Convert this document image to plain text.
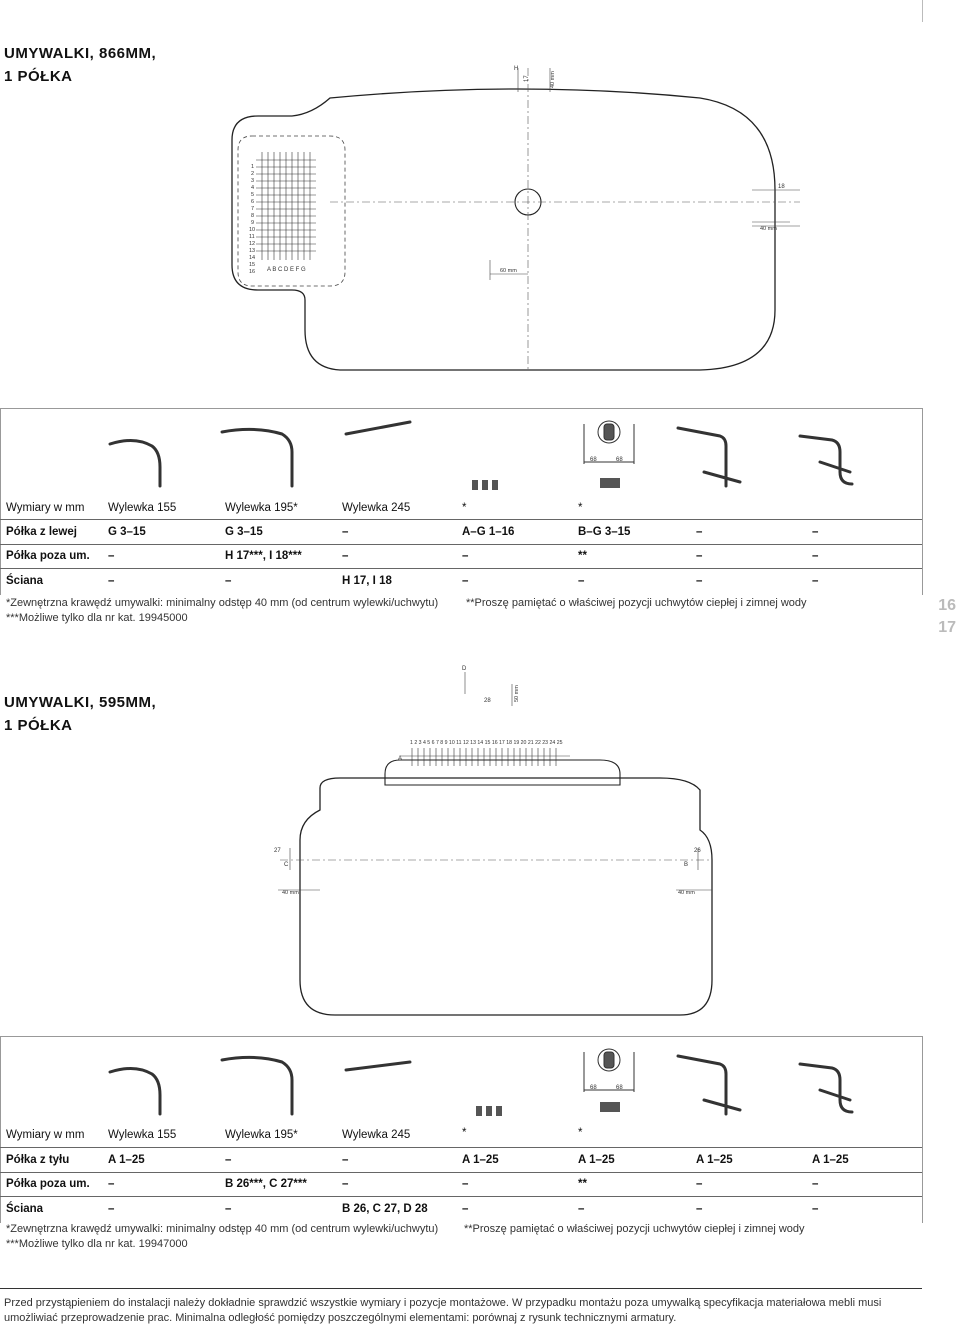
UMYWALKI, 866MM,
1 PÓŁKA
1
2
3
4
5
6
7
8
9
10
11
12
13
14
15
16 A B C D E F G
H
17	40 mm
18
40 mm
60 mm
68	68
Wymiary w mm Wylewka 155	Wylewka 195*	Wylewka 245	*	*
Półka z lewej	G 3–15	G 3–15	–	A–G 1–16	B–G 3–15	–	–
Półka poza um. –	H 17***, I 18***	–	–	**	–	–
Ściana	–	–	H 17, I 18	–	–	–	–
*Zewnętrzna krawędź umywalki: minimalny odstęp 40 mm (od centrum wylewki/uchwytu)	**Proszę pamiętać o właściwej pozycji uchwytów ciepłej i zimnej wody
***Możliwe tylko dla nr kat. 19945000
16
17
UMYWALKI, 595MM,
1 PÓŁKA
1 2 3 4 5 6 7 8 9 10 11 12 13 14 15 16 17 18 19 20 21 22 23 24 25
A
D
28	50 mm
27	26
C	B
40 mm	40 mm
68	68
Wymiary w mm Wylewka 155	Wylewka 195*	Wylewka 245	*	*
Półka z tyłu	A 1–25	–	–	A 1–25	A 1–25	A 1–25	A 1–25
Półka poza um. –	B 26***, C 27***	–	–	**	–	–
Ściana	–	–	B 26, C 27, D 28	–	–	–	–
*Zewnętrzna krawędź umywalki: minimalny odstęp 40 mm (od centrum wylewki/uchwytu) **Proszę pamiętać o właściwej pozycji uchwytów ciepłej i zimnej wody
***Możliwe tylko dla nr kat. 19947000
Przed przystąpieniem do instalacji należy dokładnie sprawdzić wszystkie wymiary i pozycje montażowe. W przypadku montażu poza umywalką specyfikacja materiałowa mebli musi
umożliwiać przeprowadzenie prac. Minimalna odległość pomiędzy poszczególnymi elementami: porównaj z rysunk technicznymi armatury.
